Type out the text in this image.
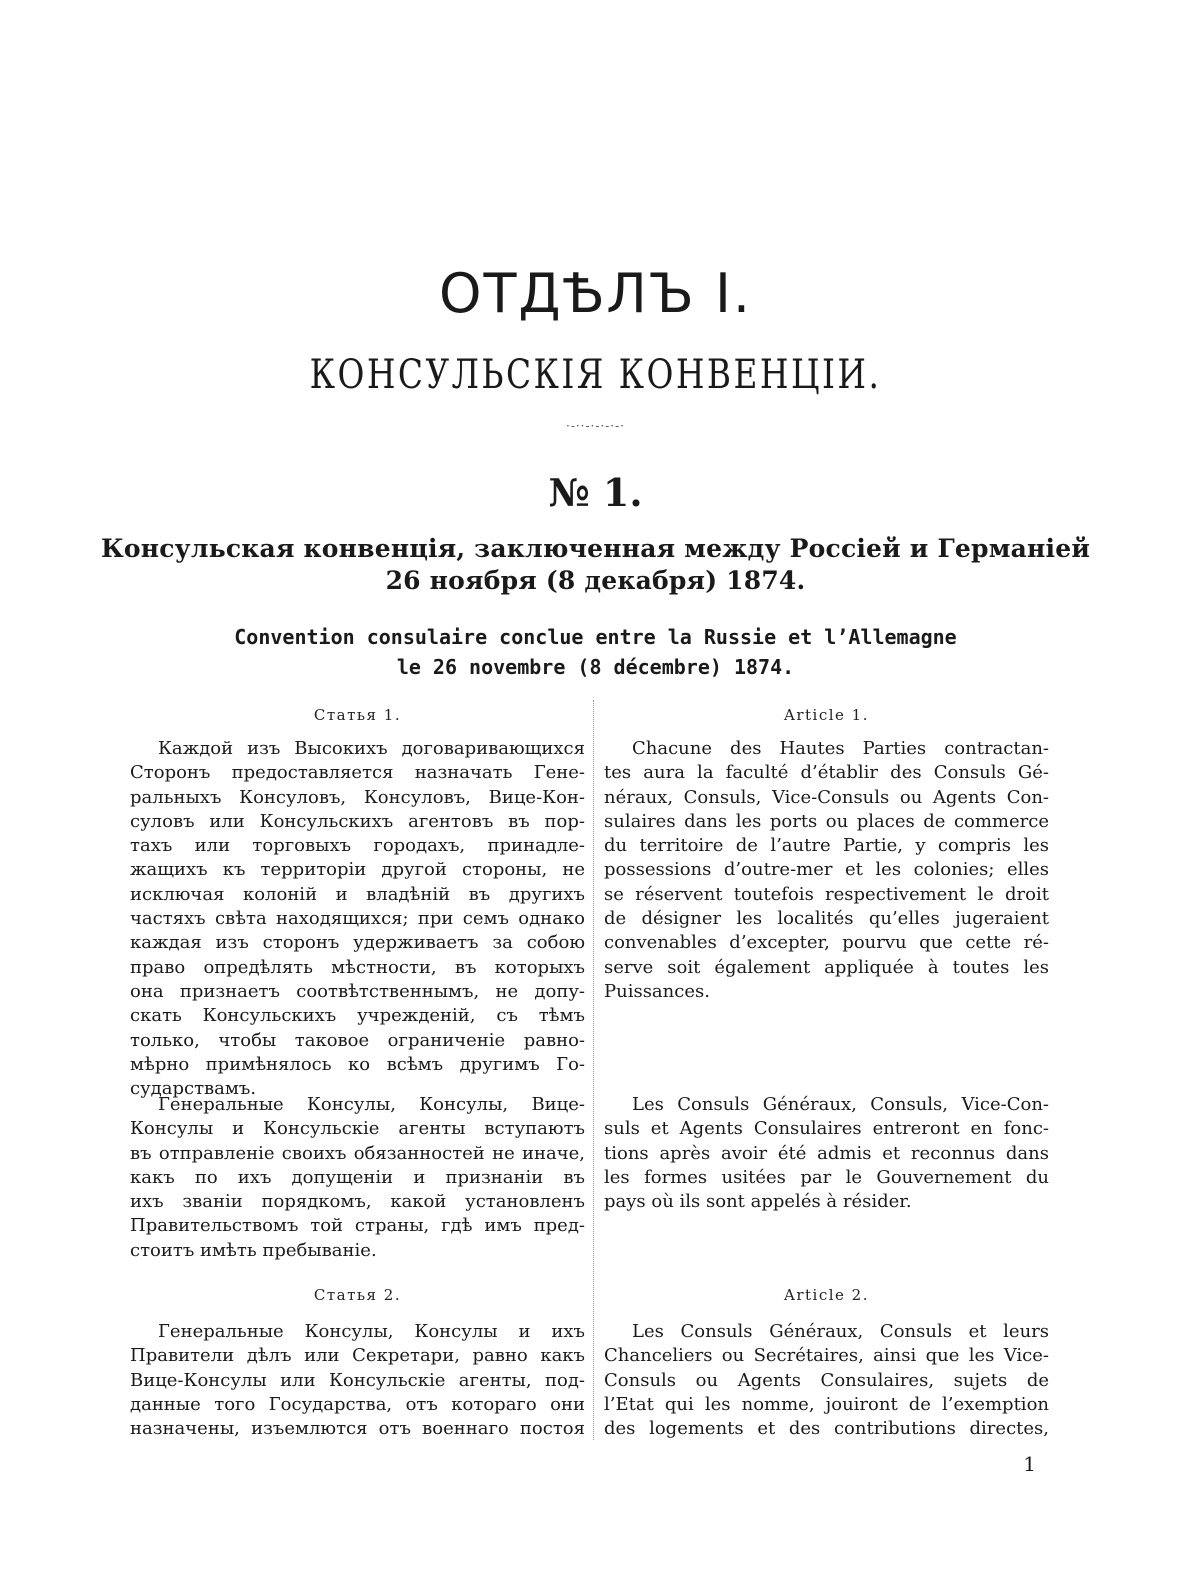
ОТДѢЛЪ I.
КОНСУЛЬСКІЯ КОНВЕНЦІИ.
·-··-·-·-·-·
№ 1.
Консульская конвенція, заключенная между Россіей и Германіей
26 ноября (8 декабря) 1874.
Convention consulaire conclue entre la Russie et l’Allemagne
le 26 novembre (8 décembre) 1874.
Статья 1.	Article 1.
Каждой изъ Высокихъ договаривающихся
Сторонъ предоставляется назначать Гене-
ральныхъ Консуловъ, Консуловъ, Вице-Кон-
суловъ или Консульскихъ агентовъ въ пор-
тахъ или торговыхъ городахъ, принадле-
жащихъ къ территоріи другой стороны, не
исключая колоній и владѣній въ другихъ
частяхъ свѣта находящихся; при семъ однако
каждая изъ сторонъ удерживаетъ за собою
право опредѣлять мѣстности, въ которыхъ
она признаетъ соотвѣтственнымъ, не допу-
скать Консульскихъ учрежденій, съ тѣмъ
только, чтобы таковое ограниченіе равно-
мѣрно примѣнялось ко всѣмъ другимъ Го-
сударствамъ.
Генеральные Консулы, Консулы, Вице-
Консулы и Консульскіе агенты вступаютъ
въ отправленіе своихъ обязанностей не иначе,
какъ по ихъ допущеніи и признаніи въ
ихъ званіи порядкомъ, какой установленъ
Правительствомъ той страны, гдѣ имъ пред-
стоитъ имѣть пребываніе.
Chacune des Hautes Parties contractan-
tes aura la faculté d’établir des Consuls Gé-
néraux, Consuls, Vice-Consuls ou Agents Con-
sulaires dans les ports ou places de commerce
du territoire de l’autre Partie, y compris les
possessions d’outre-mer et les colonies; elles
se réservent toutefois respectivement le droit
de désigner les localités qu’elles jugeraient
convenables d’excepter, pourvu que cette ré-
serve soit également appliquée à toutes les
Puissances.
Les Consuls Généraux, Consuls, Vice-Con-
suls et Agents Consulaires entreront en fonc-
tions après avoir été admis et reconnus dans
les formes usitées par le Gouvernement du
pays où ils sont appelés à résider.
Статья 2.	Article 2.
Генеральные Консулы, Консулы и ихъ
Правители дѣлъ или Секретари, равно какъ
Вице-Консулы или Консульскіе агенты, под-
данные того Государства, отъ котораго они
назначены, изъемлются отъ военнаго постоя
Les Consuls Généraux, Consuls et leurs
Chanceliers ou Secrétaires, ainsi que les Vice-
Consuls ou Agents Consulaires, sujets de
l’Etat qui les nomme, jouiront de l’exemption
des logements et des contributions directes,
1
